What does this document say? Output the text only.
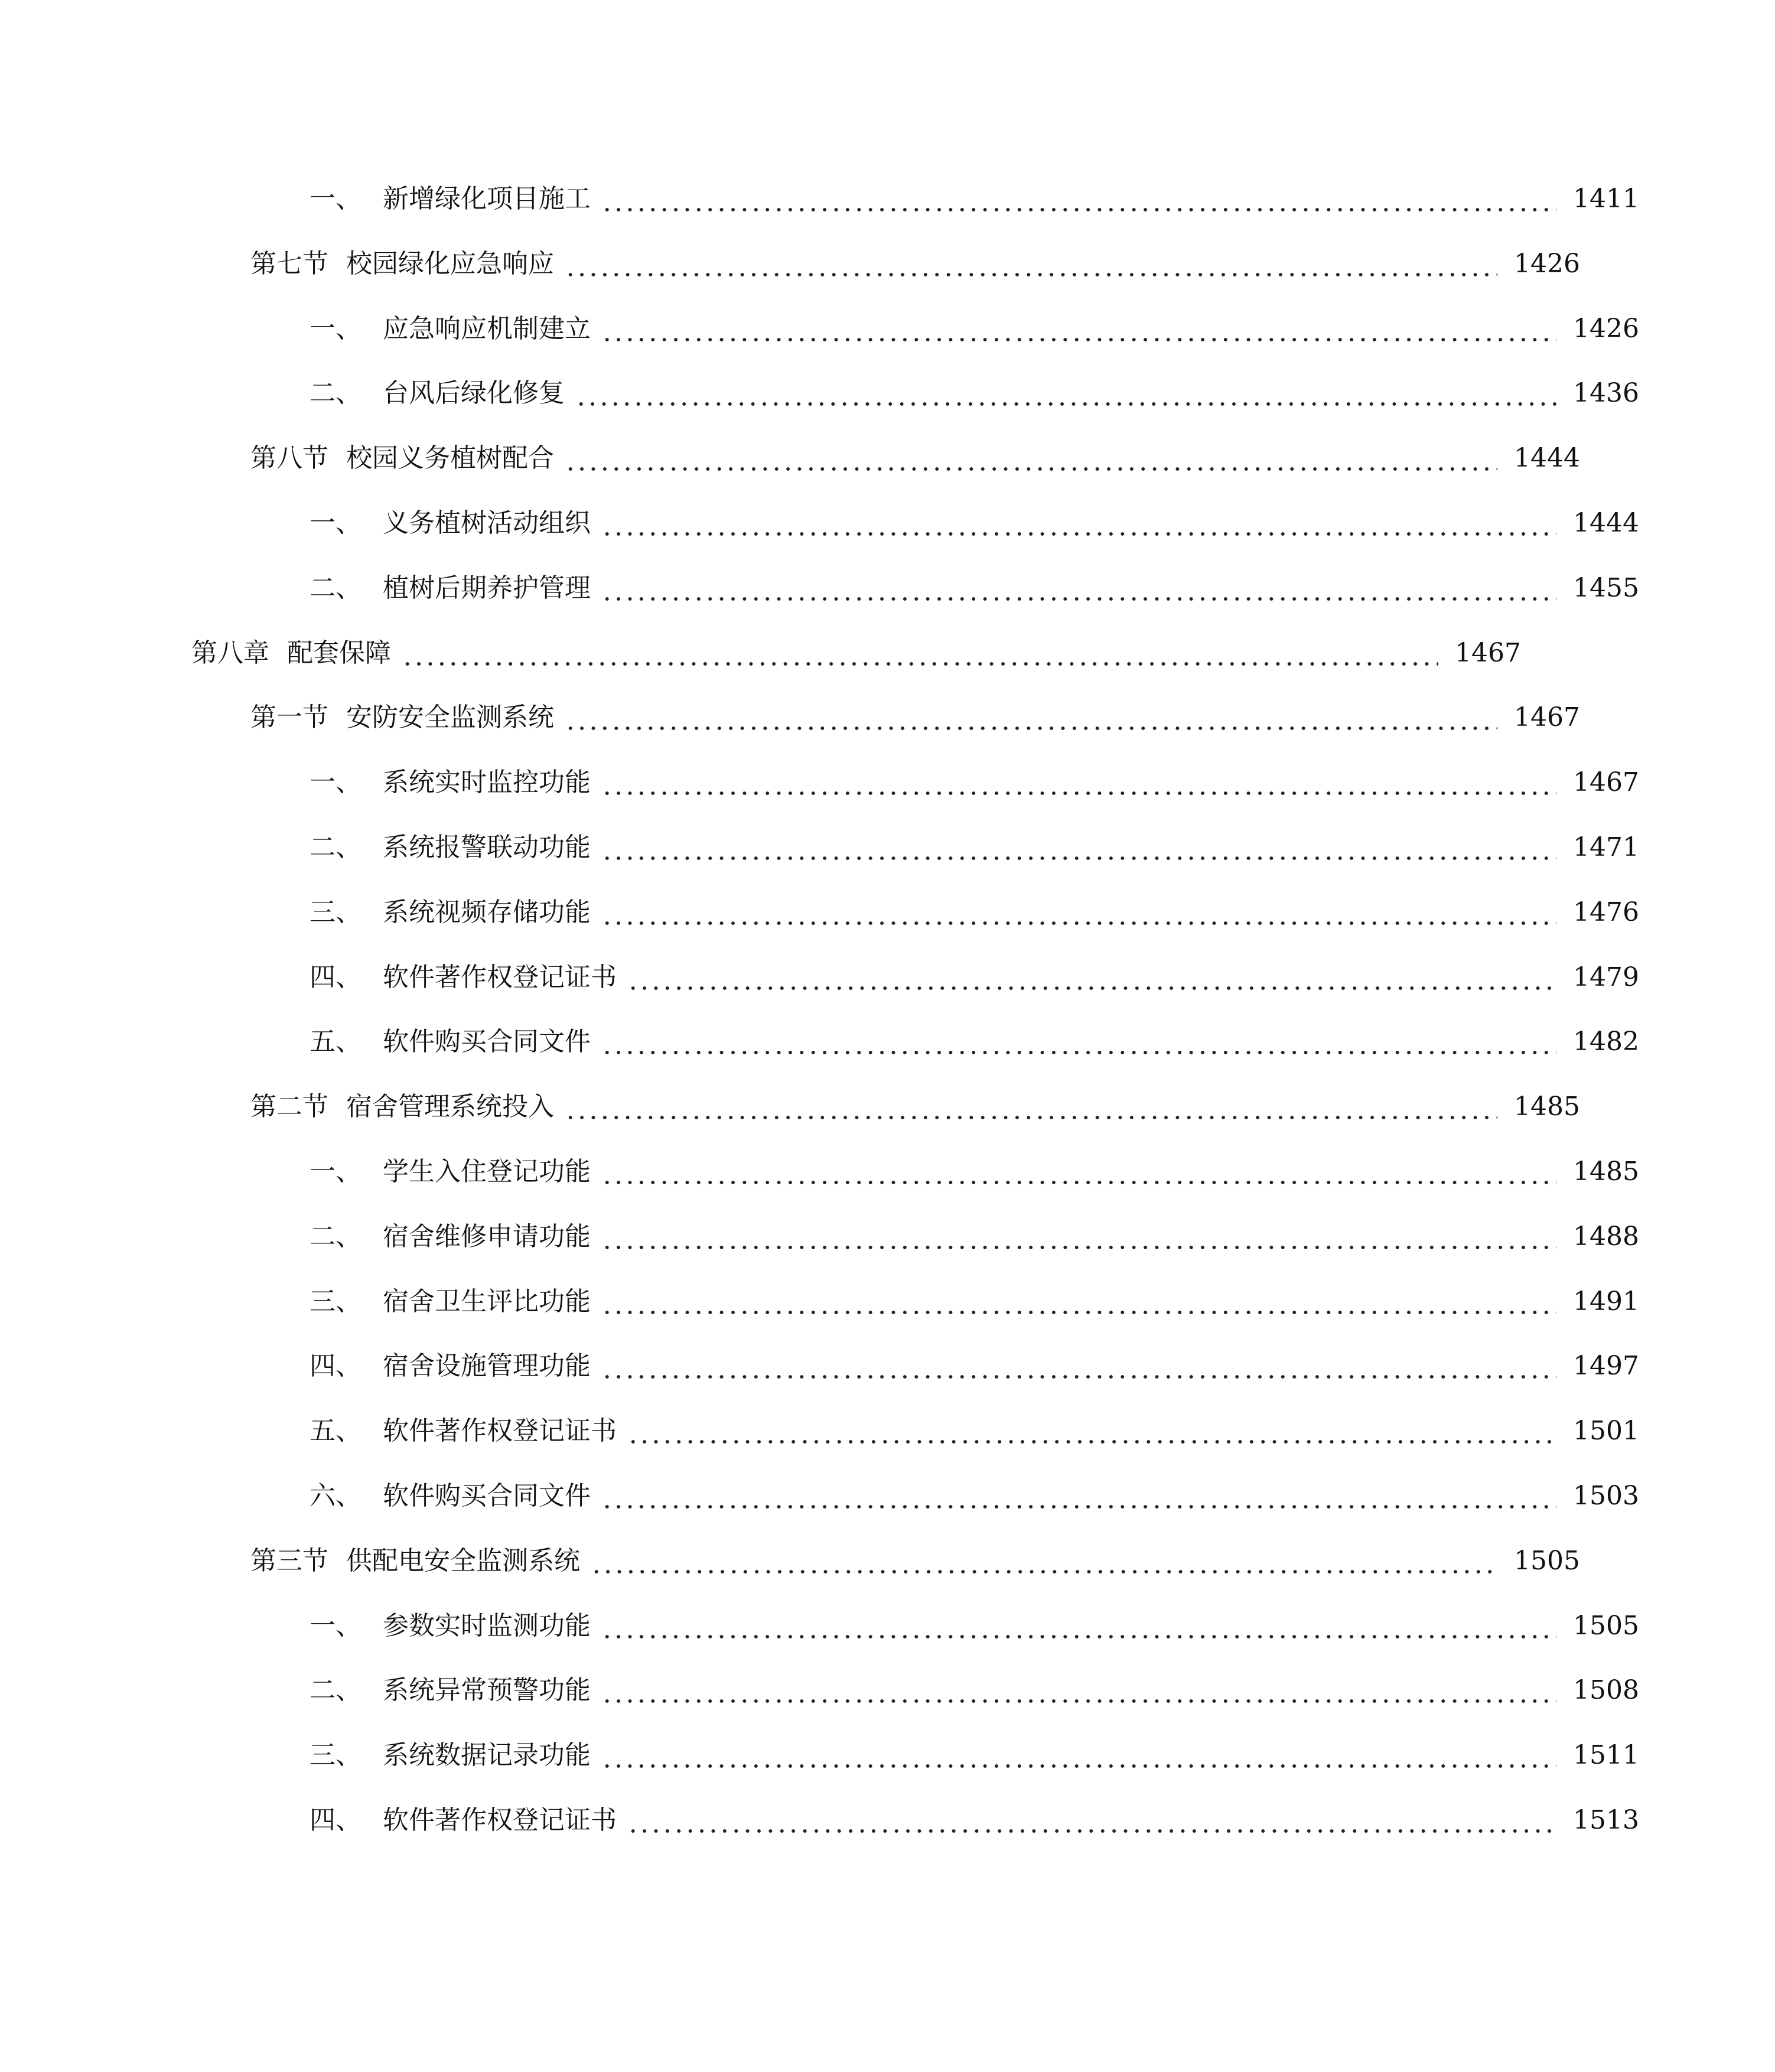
一、 新增绿化项目施工	1411
第七节 校园绿化应急响应	1426
一、 应急响应机制建立	1426
二、 台风后绿化修复	1436
第八节 校园义务植树配合	1444
一、 义务植树活动组织	1444
二、 植树后期养护管理	1455
第八章 配套保障	1467
第一节 安防安全监测系统	1467
一、 系统实时监控功能	1467
二、 系统报警联动功能	1471
三、 系统视频存储功能	1476
四、 软件著作权登记证书	1479
五、 软件购买合同文件	1482
第二节 宿舍管理系统投入	1485
一、 学生入住登记功能	1485
二、 宿舍维修申请功能	1488
三、 宿舍卫生评比功能	1491
四、 宿舍设施管理功能	1497
五、 软件著作权登记证书	1501
六、 软件购买合同文件	1503
第三节 供配电安全监测系统	1505
一、 参数实时监测功能	1505
二、 系统异常预警功能	1508
三、 系统数据记录功能	1511
四、 软件著作权登记证书	1513
